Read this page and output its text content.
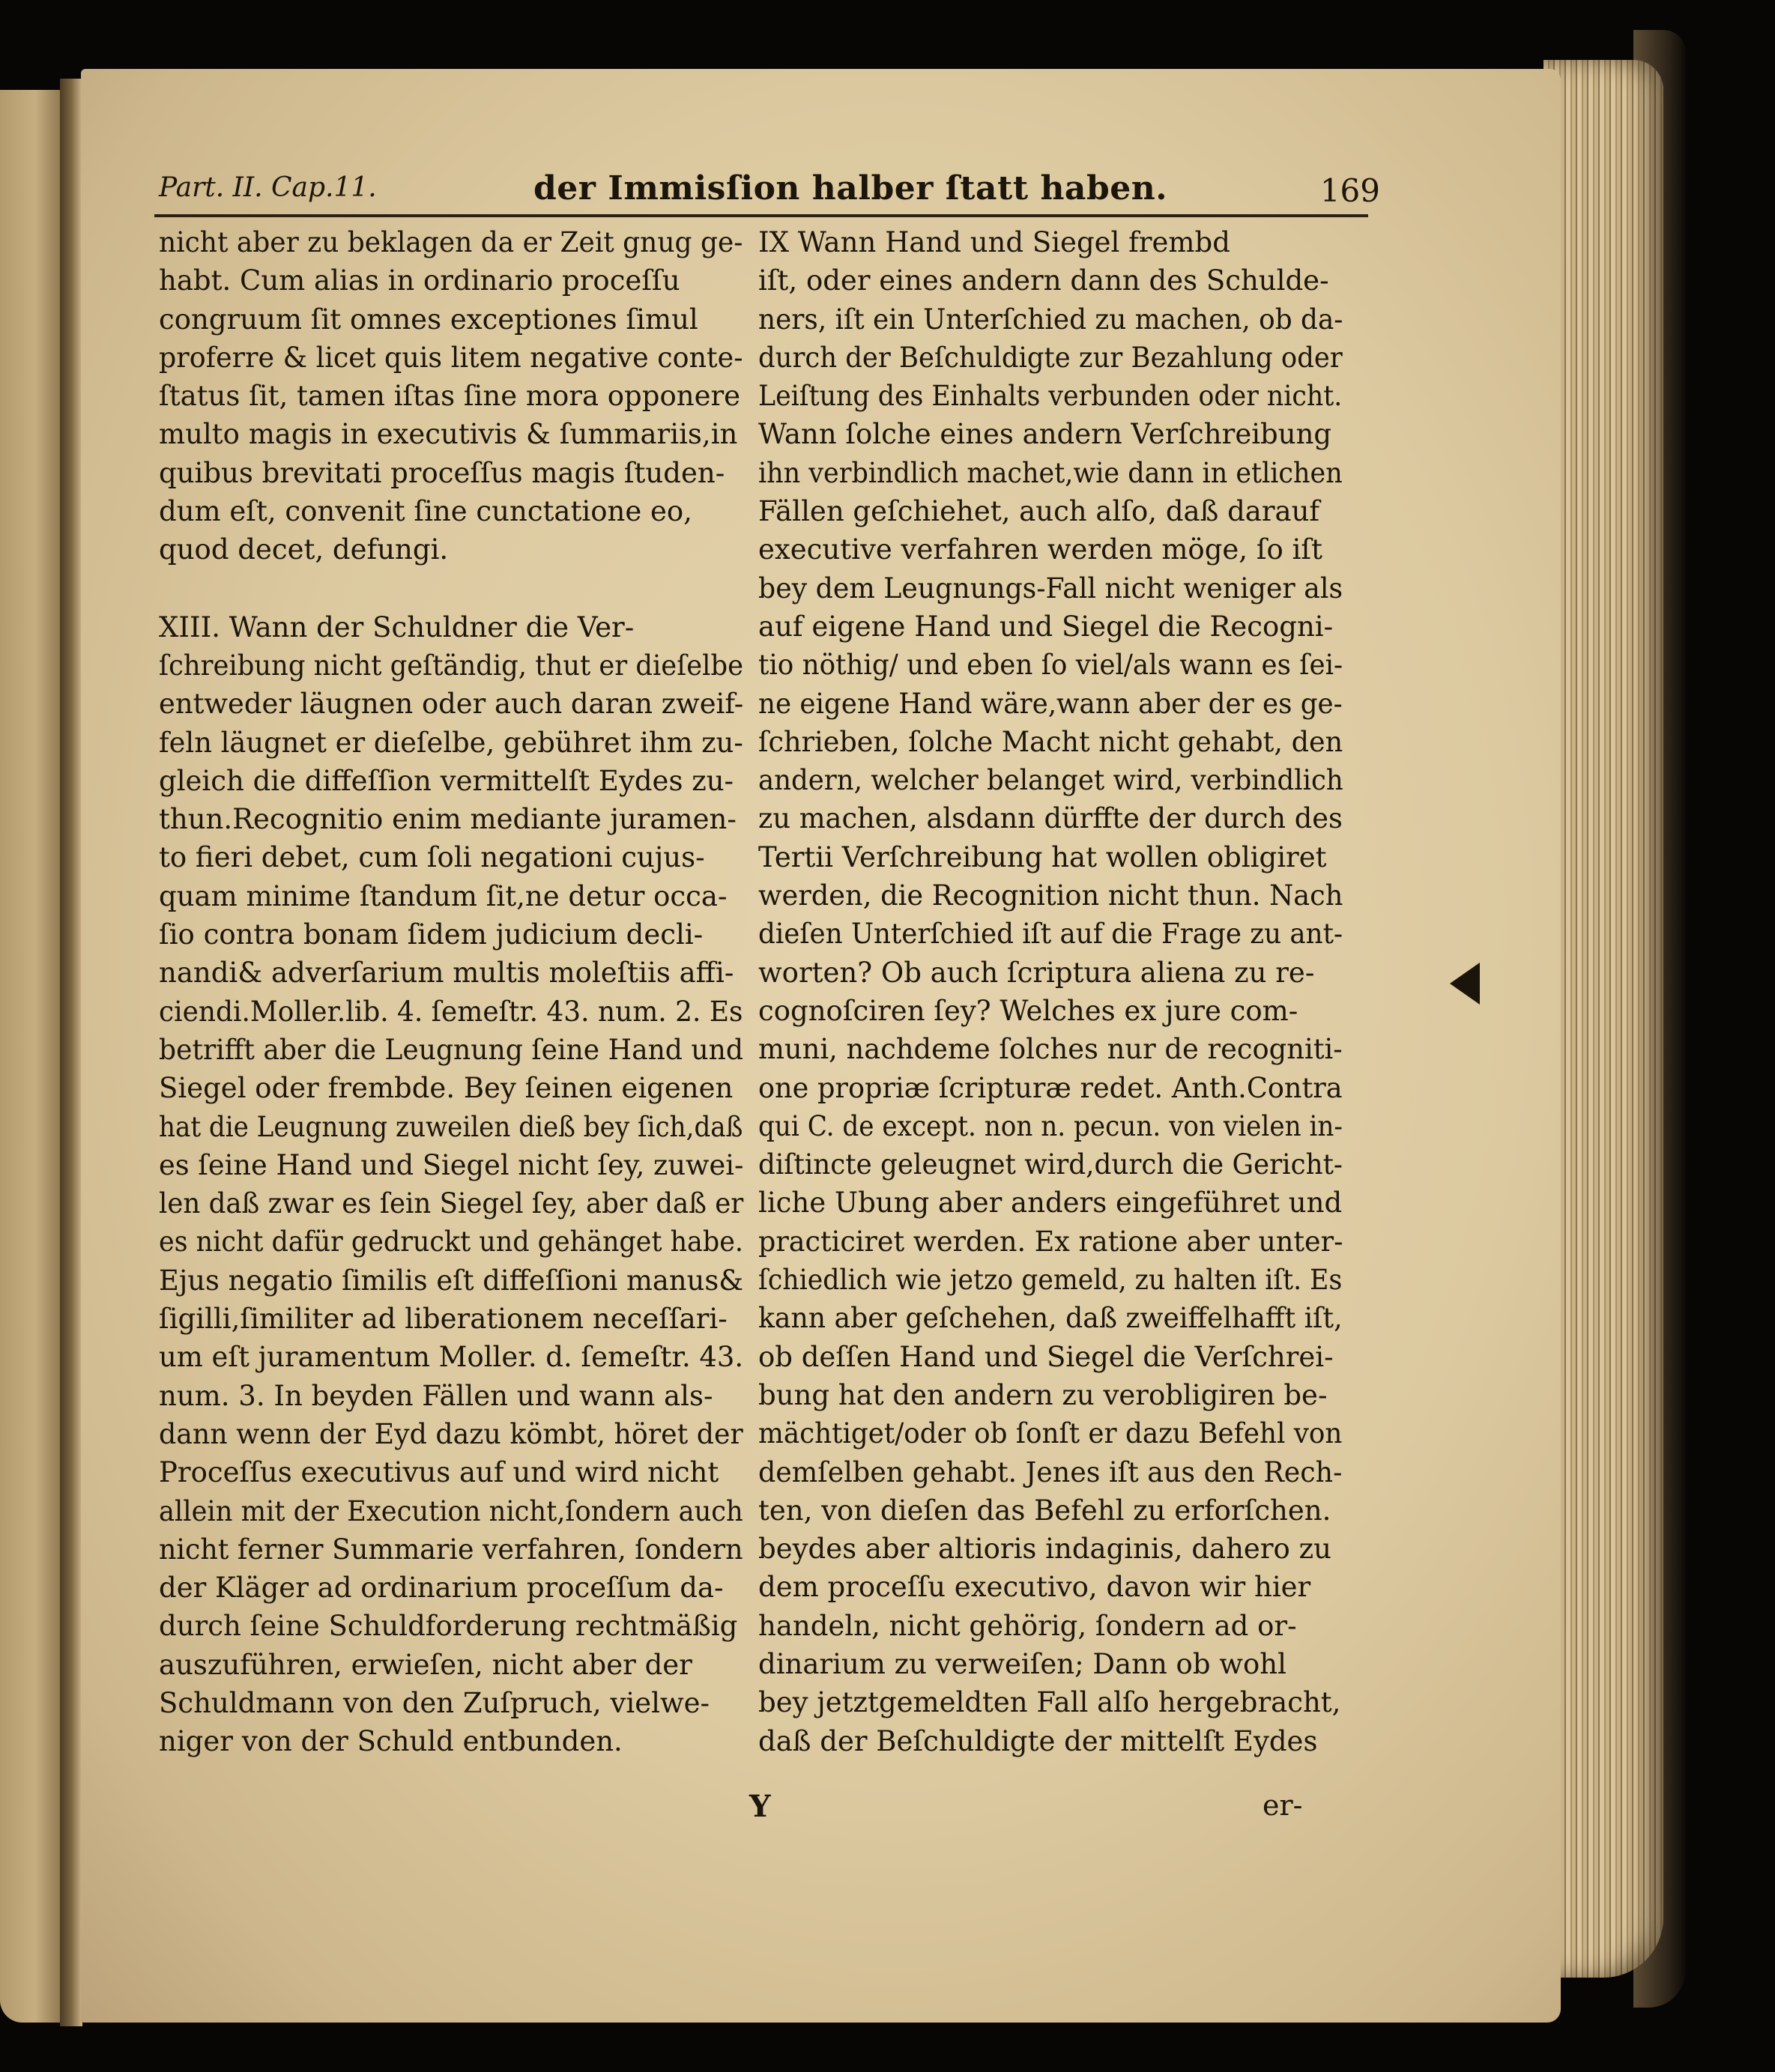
Part. II. Cap.11.	der Immisſion halber ſtatt haben.	169
nicht aber zu beklagen da er Zeit gnug ge-
habt. Cum alias in ordinario proceſſu
congruum ſit omnes exceptiones ſimul
proferre & licet quis litem negative conte-
ſtatus ſit, tamen iſtas ſine mora opponere
multo magis in executivis & ſummariis,in
quibus brevitati proceſſus magis ſtuden-
dum eſt, convenit ſine cunctatione eo,
quod decet, defungi.
XIII. Wann der Schuldner die Ver-
ſchreibung nicht geſtändig, thut er dieſelbe
entweder läugnen oder auch daran zweif-
feln läugnet er dieſelbe, gebühret ihm zu-
gleich die diffeſſion vermittelſt Eydes zu-
thun.Recognitio enim mediante juramen-
to fieri debet, cum ſoli negationi cujus-
quam minime ſtandum ſit,ne detur occa-
ſio contra bonam ſidem judicium decli-
nandi& adverſarium multis moleſtiis affi-
ciendi.Moller.lib. 4. ſemeſtr. 43. num. 2. Es
betrifft aber die Leugnung ſeine Hand und
Siegel oder frembde. Bey ſeinen eigenen
hat die Leugnung zuweilen dieß bey ſich,daß
es ſeine Hand und Siegel nicht ſey, zuwei-
len daß zwar es ſein Siegel ſey, aber daß er
es nicht dafür gedruckt und gehänget habe.
Ejus negatio ſimilis eſt diffeſſioni manus&
ſigilli,ſimiliter ad liberationem neceſſari-
um eſt juramentum Moller. d. ſemeſtr. 43.
num. 3. In beyden Fällen und wann als-
dann wenn der Eyd dazu kömbt, höret der
Proceſſus executivus auf und wird nicht
allein mit der Execution nicht,ſondern auch
nicht ferner Summarie verfahren, ſondern
der Kläger ad ordinarium proceſſum da-
durch ſeine Schuldforderung rechtmäßig
auszuführen, erwieſen, nicht aber der
Schuldmann von den Zuſpruch, vielwe-
niger von der Schuld entbunden.
IX Wann Hand und Siegel frembd
iſt, oder eines andern dann des Schulde-
ners, iſt ein Unterſchied zu machen, ob da-
durch der Beſchuldigte zur Bezahlung oder
Leiſtung des Einhalts verbunden oder nicht.
Wann ſolche eines andern Verſchreibung
ihn verbindlich machet,wie dann in etlichen
Fällen geſchiehet, auch alſo, daß darauf
executive verfahren werden möge, ſo iſt
bey dem Leugnungs-Fall nicht weniger als
auf eigene Hand und Siegel die Recogni-
tio nöthig/ und eben ſo viel/als wann es ſei-
ne eigene Hand wäre,wann aber der es ge-
ſchrieben, ſolche Macht nicht gehabt, den
andern, welcher belanget wird, verbindlich
zu machen, alsdann dürffte der durch des
Tertii Verſchreibung hat wollen obligiret
werden, die Recognition nicht thun. Nach
dieſen Unterſchied iſt auf die Frage zu ant-
worten? Ob auch ſcriptura aliena zu re-
cognoſciren ſey? Welches ex jure com-
muni, nachdeme ſolches nur de recogniti-
one propriæ ſcripturæ redet. Anth.Contra
qui C. de except. non n. pecun. von vielen in-
diſtincte geleugnet wird,durch die Gericht-
liche Ubung aber anders eingeführet und
practiciret werden. Ex ratione aber unter-
ſchiedlich wie jetzo gemeld, zu halten iſt. Es
kann aber geſchehen, daß zweiffelhafft iſt,
ob deſſen Hand und Siegel die Verſchrei-
bung hat den andern zu verobligiren be-
mächtiget/oder ob ſonſt er dazu Befehl von
demſelben gehabt. Jenes iſt aus den Rech-
ten, von dieſen das Befehl zu erforſchen.
beydes aber altioris indaginis, dahero zu
dem proceſſu executivo, davon wir hier
handeln, nicht gehörig, ſondern ad or-
dinarium zu verweiſen; Dann ob wohl
bey jetztgemeldten Fall alſo hergebracht,
daß der Beſchuldigte der mittelſt Eydes
Y	er-
